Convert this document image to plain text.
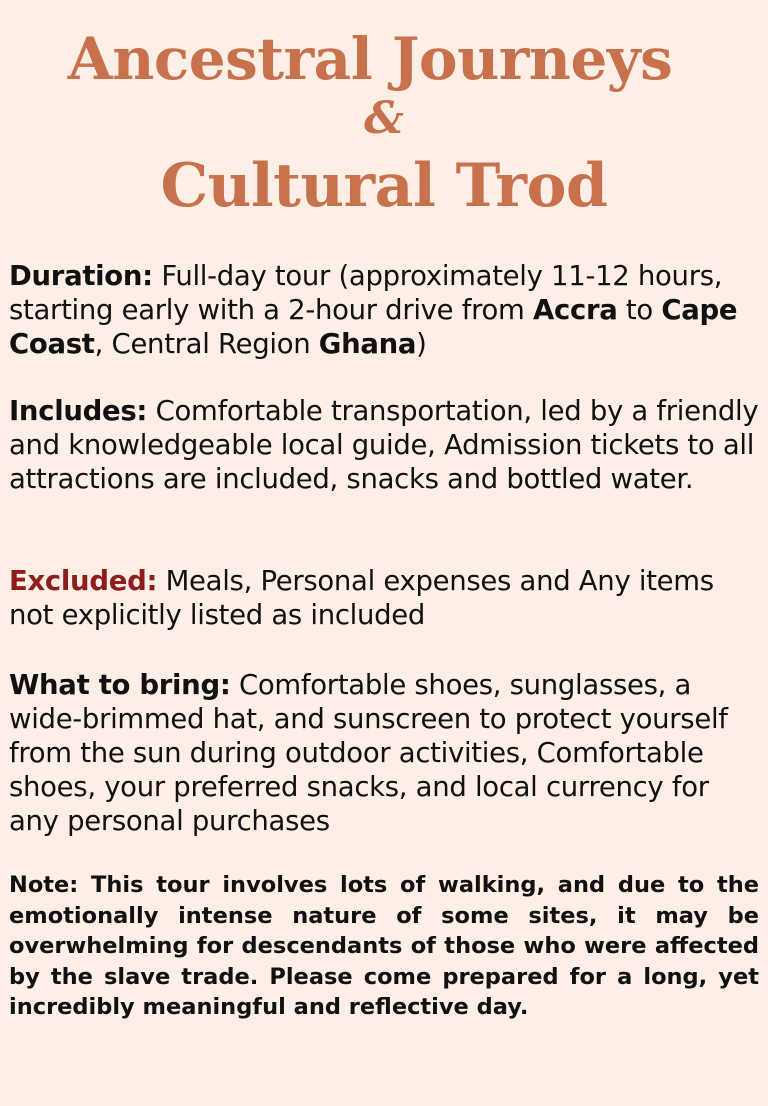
Ancestral Journeys
&
Cultural Trod

Duration: Full-day tour (approximately 11-12 hours, starting early with a 2-hour drive from Accra to Cape Coast, Central Region Ghana)

Includes: Comfortable transportation, led by a friendly and knowledgeable local guide, Admission tickets to all attractions are included, snacks and bottled water.

Excluded: Meals, Personal expenses and Any items not explicitly listed as included

What to bring: Comfortable shoes, sunglasses, a wide-brimmed hat, and sunscreen to protect yourself from the sun during outdoor activities, Comfortable shoes, your preferred snacks, and local currency for any personal purchases

Note: This tour involves lots of walking, and due to the emotionally intense nature of some sites, it may be overwhelming for descendants of those who were affected by the slave trade. Please come prepared for a long, yet incredibly meaningful and reflective day.
